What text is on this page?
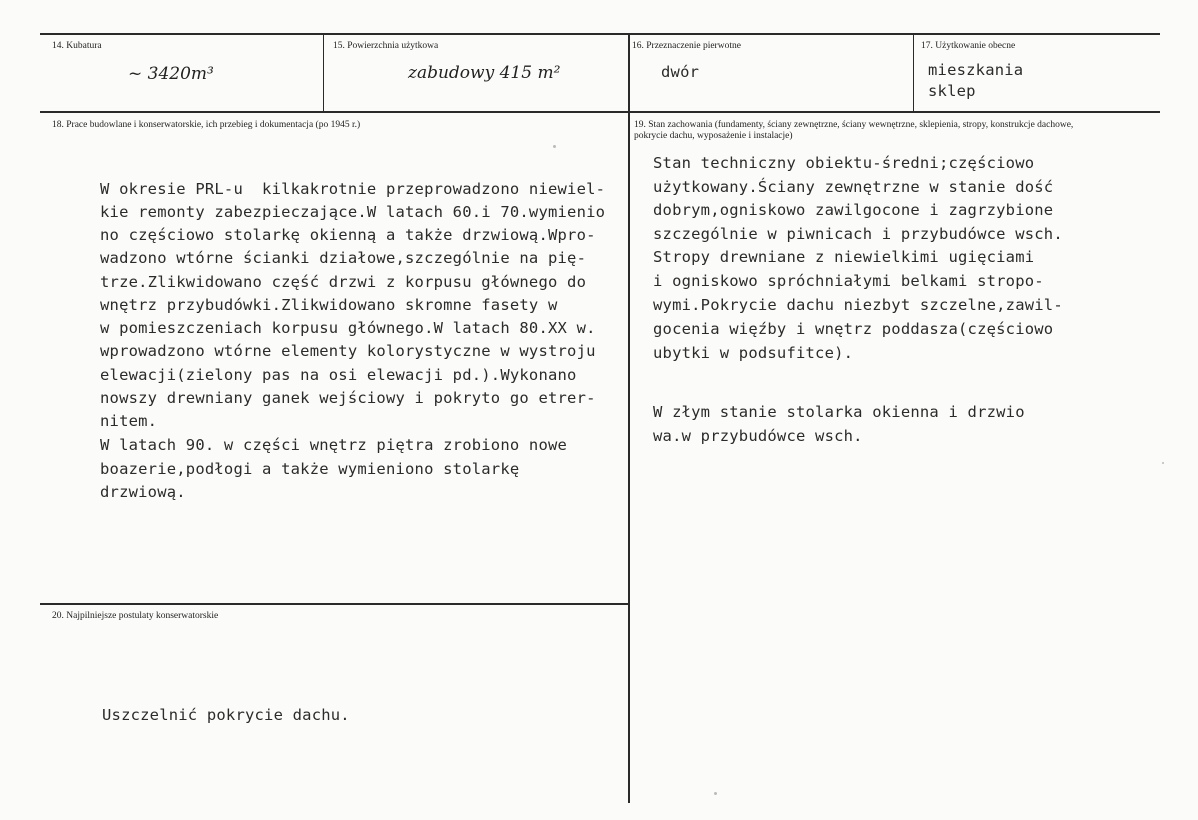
14. Kubatura
~ 3420m³
15. Powierzchnia użytkowa
zabudowy 415 m²
16. Przeznaczenie pierwotne
dwór
17. Użytkowanie obecne
mieszkania
sklep
18. Prace budowlane i konserwatorskie, ich przebieg i dokumentacja (po 1945 r.)
W okresie PRL-u  kilkakrotnie przeprowadzono niewiel-
kie remonty zabezpieczające.W latach 60.i 70.wymienio
no częściowo stolarkę okienną a także drzwiową.Wpro-
wadzono wtórne ścianki działowe,szczególnie na pię-
trze.Zlikwidowano część drzwi z korpusu głównego do
wnętrz przybudówki.Zlikwidowano skromne fasety w
w pomieszczeniach korpusu głównego.W latach 80.XX w.
wprowadzono wtórne elementy kolorystyczne w wystroju
elewacji(zielony pas na osi elewacji pd.).Wykonano
nowszy drewniany ganek wejściowy i pokryto go etrer-
nitem.
W latach 90. w części wnętrz piętra zrobiono nowe
boazerie,podłogi a także wymieniono stolarkę
drzwiową.
19. Stan zachowania (fundamenty, ściany zewnętrzne, ściany wewnętrzne, sklepienia, stropy, konstrukcje dachowe,
pokrycie dachu, wyposażenie i instalacje)
Stan techniczny obiektu-średni;częściowo
użytkowany.Ściany zewnętrzne w stanie dość
dobrym,ogniskowo zawilgocone i zagrzybione
szczególnie w piwnicach i przybudówce wsch.
Stropy drewniane z niewielkimi ugięciami
i ogniskowo spróchniałymi belkami stropo-
wymi.Pokrycie dachu niezbyt szczelne,zawil-
gocenia więźby i wnętrz poddasza(częściowo
ubytki w podsufitce).
W złym stanie stolarka okienna i drzwio
wa.w przybudówce wsch.
20. Najpilniejsze postulaty konserwatorskie
Uszczelnić pokrycie dachu.
